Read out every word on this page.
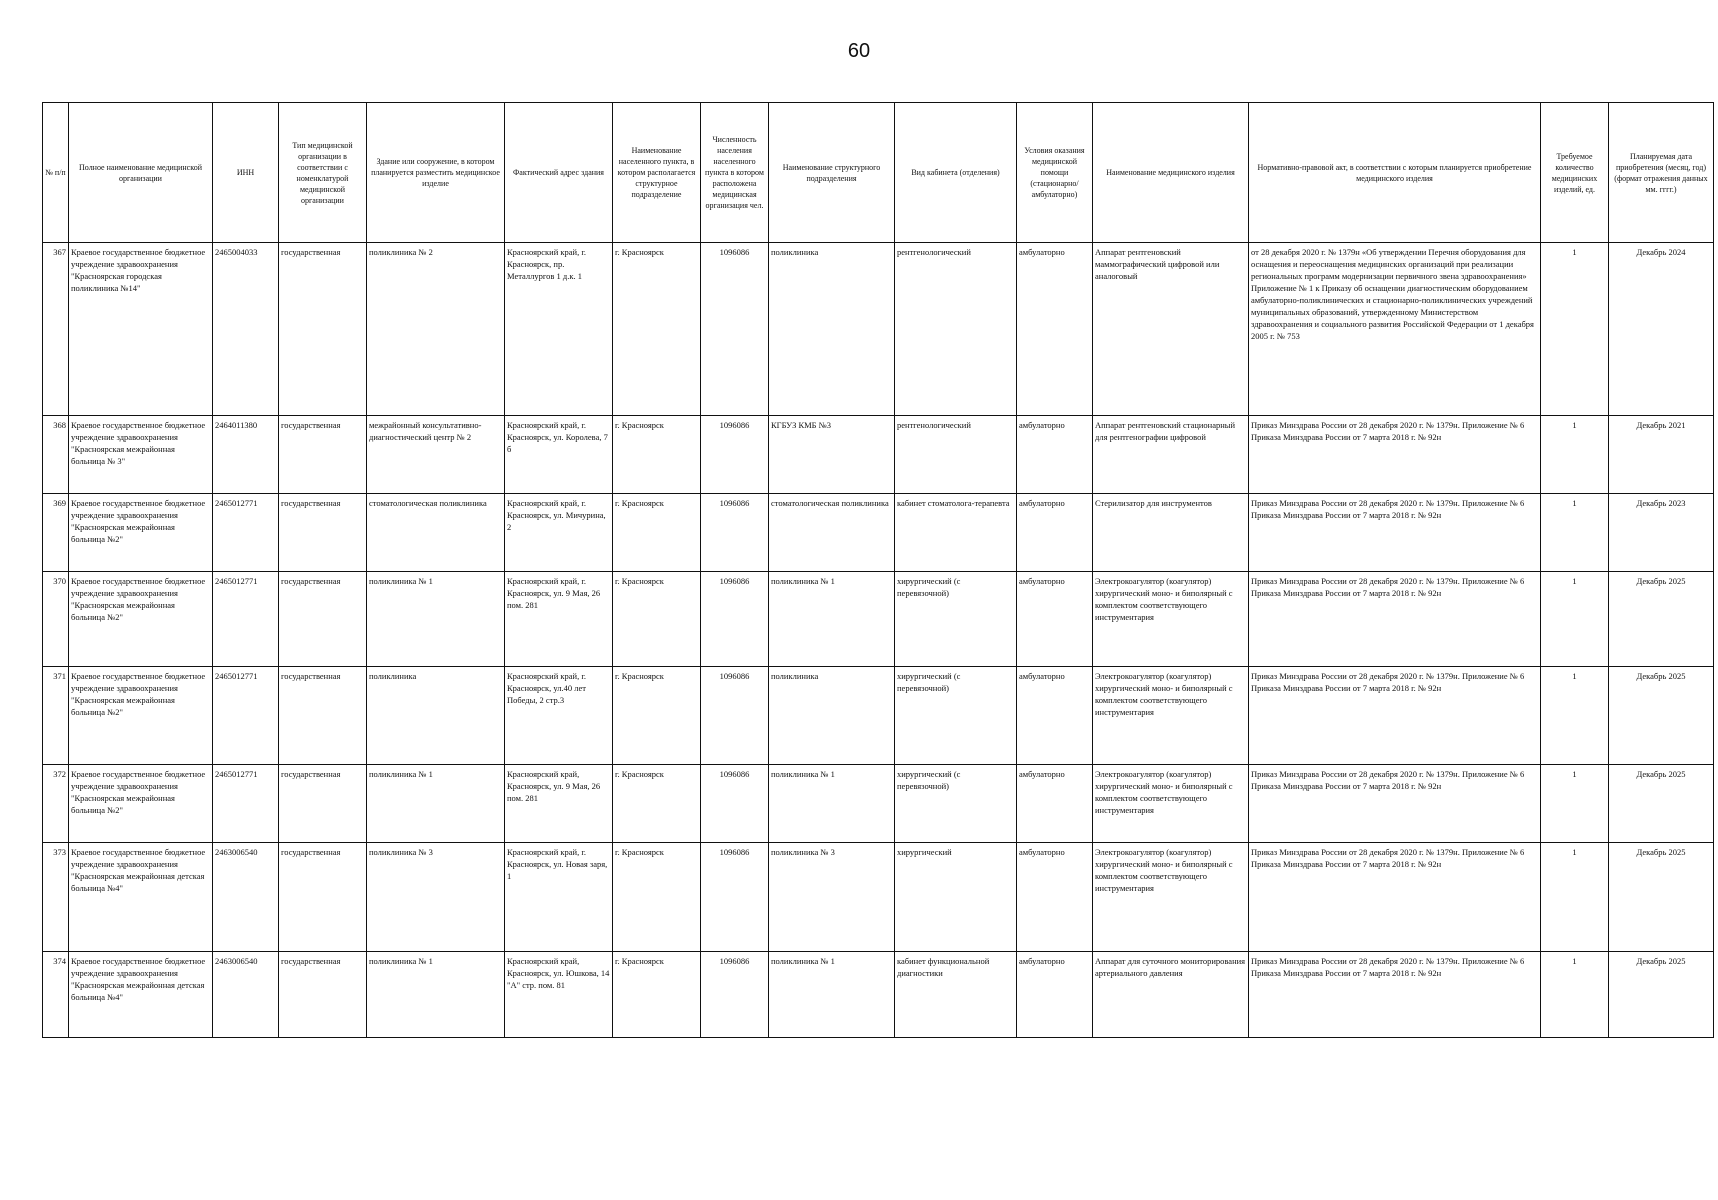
60
№ п/п	Полное наименование медицинской организации	ИНН	Тип медицинской организации в соответствии с номенклатурой медицинской организации	Здание или сооружение, в котором планируется разместить медицинское изделие	Фактический адрес здания	Наименование населенного пункта, в котором располагается структурное подразделение	Численность населения населенного пункта в котором расположена медицинская организация чел.	Наименование структурного подразделения	Вид кабинета (отделения)	Условия оказания медицинской помощи (стационарно/ амбулаторно)	Наименование медицинского изделия	Нормативно-правовой акт, в соответствии с которым планируется приобретение медицинского изделия	Требуемое количество медицинских изделий, ед.	Планируемая дата приобретения (месяц, год) (формат отражения данных мм. гггг.)
367	Краевое государственное бюджетное учреждение здравоохранения "Красноярская городская поликлиника №14"	2465004033	государственная	поликлиника № 2	Красноярский край, г. Красноярск, пр. Металлургов 1 д.к. 1	г. Красноярск	1096086	поликлиника	рентгенологический	амбулаторно	Аппарат рентгеновский маммографический цифровой или аналоговый	от 28 декабря 2020 г. № 1379н «Об утверждении Перечня оборудования для оснащения и переоснащения медицинских организаций при реализации региональных программ модернизации первичного звена здравоохранения» Приложение № 1 к Приказу об оснащении диагностическим оборудованием амбулаторно-поликлинических и стационарно-поликлинических учреждений муниципальных образований, утвержденному Министерством здравоохранения и социального развития Российской Федерации от 1 декабря 2005 г. № 753	1	Декабрь 2024
368	Краевое государственное бюджетное учреждение здравоохранения "Красноярская межрайонная больница № 3"	2464011380	государственная	межрайонный консультативно-диагностический центр № 2	Красноярский край, г. Красноярск, ул. Королева, 7 б	г. Красноярск	1096086	КГБУЗ КМБ №3	рентгенологический	амбулаторно	Аппарат рентгеновский стационарный для рентгенографии цифровой	Приказ Минздрава России от 28 декабря 2020 г. № 1379н. Приложение № 6 Приказа Минздрава России от 7 марта 2018 г. № 92н	1	Декабрь 2021
369	Краевое государственное бюджетное учреждение здравоохранения "Красноярская межрайонная больница №2"	2465012771	государственная	стоматологическая поликлиника	Красноярский край, г. Красноярск, ул. Мичурина, 2	г. Красноярск	1096086	стоматологическая поликлиника	кабинет стоматолога-терапевта	амбулаторно	Стерилизатор для инструментов	Приказ Минздрава России от 28 декабря 2020 г. № 1379н. Приложение № 6 Приказа Минздрава России от 7 марта 2018 г. № 92н	1	Декабрь 2023
370	Краевое государственное бюджетное учреждение здравоохранения "Красноярская межрайонная больница №2"	2465012771	государственная	поликлиника № 1	Красноярский край, г. Красноярск, ул. 9 Мая, 26 пом. 281	г. Красноярск	1096086	поликлиника № 1	хирургический (с перевязочной)	амбулаторно	Электрокоагулятор (коагулятор) хирургический моно- и биполярный с комплектом соответствующего инструментария	Приказ Минздрава России от 28 декабря 2020 г. № 1379н. Приложение № 6 Приказа Минздрава России от 7 марта 2018 г. № 92н	1	Декабрь 2025
371	Краевое государственное бюджетное учреждение здравоохранения "Красноярская межрайонная больница №2"	2465012771	государственная	поликлиника	Красноярский край, г. Красноярск, ул.40 лет Победы, 2 стр.3	г. Красноярск	1096086	поликлиника	хирургический (с перевязочной)	амбулаторно	Электрокоагулятор (коагулятор) хирургический моно- и биполярный с комплектом соответствующего инструментария	Приказ Минздрава России от 28 декабря 2020 г. № 1379н. Приложение № 6 Приказа Минздрава России от 7 марта 2018 г. № 92н	1	Декабрь 2025
372	Краевое государственное бюджетное учреждение здравоохранения "Красноярская межрайонная больница №2"	2465012771	государственная	поликлиника № 1	Красноярский край, Красноярск, ул. 9 Мая, 26 пом. 281	г. Красноярск	1096086	поликлиника № 1	хирургический (с перевязочной)	амбулаторно	Электрокоагулятор (коагулятор) хирургический моно- и биполярный с комплектом соответствующего инструментария	Приказ Минздрава России от 28 декабря 2020 г. № 1379н. Приложение № 6 Приказа Минздрава России от 7 марта 2018 г. № 92н	1	Декабрь 2025
373	Краевое государственное бюджетное учреждение здравоохранения "Красноярская межрайонная детская больница №4"	2463006540	государственная	поликлиника № 3	Красноярский край, г. Красноярск, ул. Новая заря, 1	г. Красноярск	1096086	поликлиника № 3	хирургический	амбулаторно	Электрокоагулятор (коагулятор) хирургический моно- и биполярный с комплектом соответствующего инструментария	Приказ Минздрава России от 28 декабря 2020 г. № 1379н. Приложение № 6 Приказа Минздрава России от 7 марта 2018 г. № 92н	1	Декабрь 2025
374	Краевое государственное бюджетное учреждение здравоохранения "Красноярская межрайонная детская больница №4"	2463006540	государственная	поликлиника № 1	Красноярский край, Красноярск, ул. Юшкова, 14 "А" стр. пом. 81	г. Красноярск	1096086	поликлиника № 1	кабинет функциональной диагностики	амбулаторно	Аппарат для суточного мониторирования артериального давления	Приказ Минздрава России от 28 декабря 2020 г. № 1379н. Приложение № 6 Приказа Минздрава России от 7 марта 2018 г. № 92н	1	Декабрь 2025
